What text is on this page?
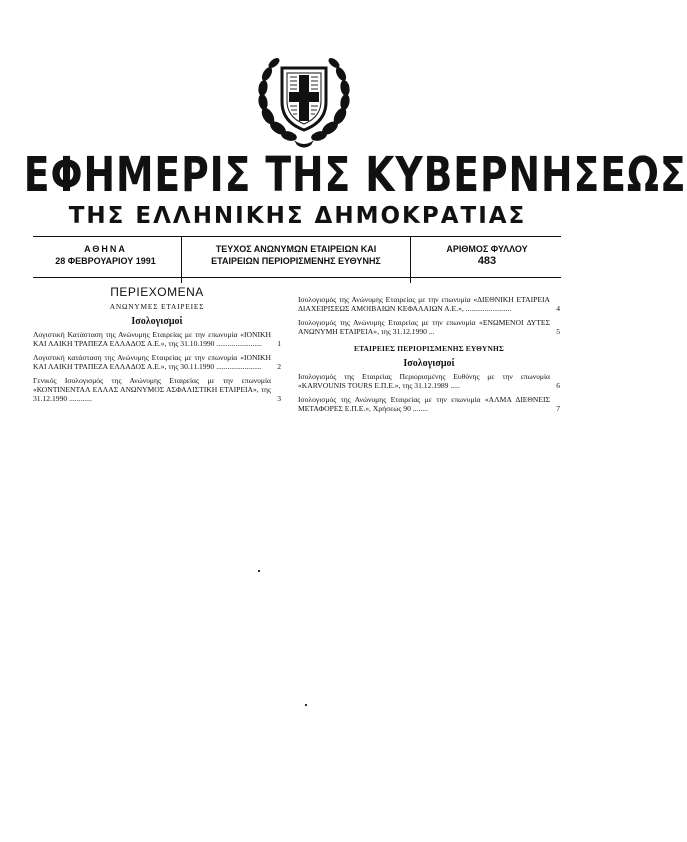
ΕΦΗΜΕΡΙΣ ΤΗΣ ΚΥΒΕΡΝΗΣΕΩΣ
ΤΗΣ ΕΛΛΗΝΙΚΗΣ ΔΗΜΟΚΡΑΤΙΑΣ
ΑΘΗΝΑ
28 ΦΕΒΡΟΥΑΡΙΟΥ 1991
ΤΕΥΧΟΣ ΑΝΩΝΥΜΩΝ ΕΤΑΙΡΕΙΩΝ ΚΑΙ
ΕΤΑΙΡΕΙΩΝ ΠΕΡΙΟΡΙΣΜΕΝΗΣ ΕΥΘΥΝΗΣ
ΑΡΙΘΜΟΣ ΦΥΛΛΟΥ
483
ΠΕΡΙΕΧΟΜΕΝΑ
ΑΝΩΝΥΜΕΣ ΕΤΑΙΡΕΙΕΣ
Ισολογισμοί
Λογιστική Κατάσταση της Ανώνυμης Εταιρείας με την επωνυμία «ΙΟΝΙΚΗ ΚΑΙ ΛΑΙΚΗ ΤΡΑΠΕΖΑ ΕΛΛΑΔΟΣ Α.Ε.», της 31.10.1990 ........................ 1
Λογιστική κατάσταση της Ανώνυμης Εταιρείας με την επωνυμία «ΙΟΝΙΚΗ ΚΑΙ ΛΑΙΚΗ ΤΡΑΠΕΖΑ ΕΛΛΑΔΟΣ Α.Ε.», της 30.11.1990 ........................ 2
Γενικός Ισολογισμός της Ανώνυμης Εταιρείας με την επωνυμία «ΚΟΝΤΙΝΕΝΤΑΛ ΕΛΛΑΣ ΑΝΩΝΥΜΟΣ ΑΣΦΑΛΙΣΤΙΚΗ ΕΤΑΙΡΕΙΑ», της 31.12.1990 ............	3
Ισολογισμός της Ανώνυμης Εταιρείας με την επωνυμία «ΔΙΕΘΝΙΚΗ ΕΤΑΙΡΕΙΑ ΔΙΑΧΕΙΡΙΣΕΩΣ ΑΜΟΙΒΑΙΩΝ ΚΕΦΑΛΑΙΩΝ Α.Ε.», ........................	4
Ισολογισμός της Ανώνυμης Εταιρείας με την επωνυμία «ΕΝΩΜΕΝΟΙ ΔΥΤΕΣ ΑΝΩΝΥΜΗ ΕΤΑΙΡΕΙΑ», της 31.12.1990 ...	5
ΕΤΑΙΡΕΙΕΣ ΠΕΡΙΟΡΙΣΜΕΝΗΣ ΕΥΘΥΝΗΣ
Ισολογισμοί
Ισολογισμός της Εταιρείας Περιορισμένης Ευθύνης με την επωνυμία «KARVOUNIS TOURS Ε.Π.Ε.», της 31.12.1989 .....	6
Ισολογισμός της Ανώνυμης Εταιρείας με την επωνυμία «ΑΛΜΑ ΔΙΕΘΝΕΙΣ ΜΕΤΑΦΟΡΕΣ Ε.Π.Ε.», Χρήσεως 90 ........	7
